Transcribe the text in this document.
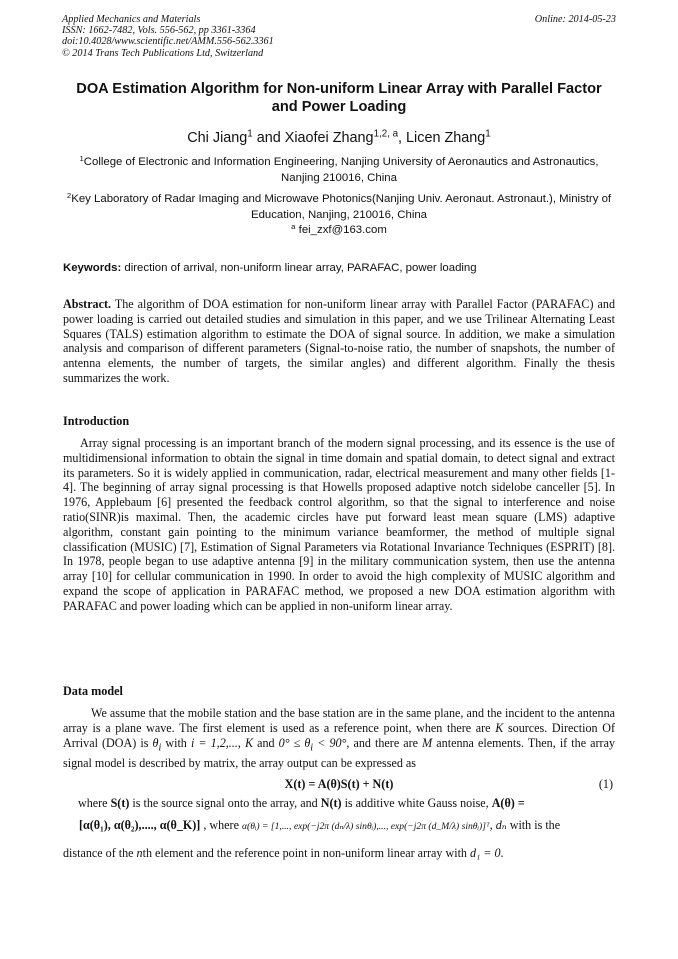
Applied Mechanics and Materials
ISSN: 1662-7482, Vols. 556-562, pp 3361-3364
doi:10.4028/www.scientific.net/AMM.556-562.3361
© 2014 Trans Tech Publications Ltd, Switzerland
Online: 2014-05-23
DOA Estimation Algorithm for Non-uniform Linear Array with Parallel Factor and Power Loading
Chi Jiang$^1$ and Xiaofei Zhang$^{1,2, a}$, Licen Zhang$^1$
$^1$College of Electronic and Information Engineering, Nanjing University of Aeronautics and Astronautics, Nanjing 210016, China
$^2$Key Laboratory of Radar Imaging and Microwave Photonics(Nanjing Univ. Aeronaut. Astronaut.), Ministry of Education, Nanjing, 210016, China
$^a$ fei_zxf@163.com
Keywords: direction of arrival, non-uniform linear array, PARAFAC, power loading
Abstract. The algorithm of DOA estimation for non-uniform linear array with Parallel Factor (PARAFAC) and power loading is carried out detailed studies and simulation in this paper, and we use Trilinear Alternating Least Squares (TALS) estimation algorithm to estimate the DOA of signal source. In addition, we make a simulation analysis and comparison of different parameters (Signal-to-noise ratio, the number of snapshots, the number of antenna elements, the number of targets, the similar angles) and different algorithm. Finally the thesis summarizes the work.
Introduction
Array signal processing is an important branch of the modern signal processing, and its essence is the use of multidimensional information to obtain the signal in time domain and spatial domain, to detect signal and extract its parameters. So it is widely applied in communication, radar, electrical measurement and many other fields [1-4]. The beginning of array signal processing is that Howells proposed adaptive notch sidelobe canceller [5]. In 1976, Applebaum [6] presented the feedback control algorithm, so that the signal to interference and noise ratio(SINR)is maximal. Then, the academic circles have put forward least mean square (LMS) adaptive algorithm, constant gain pointing to the minimum variance beamformer, the method of multiple signal classification (MUSIC) [7], Estimation of Signal Parameters via Rotational Invariance Techniques (ESPRIT) [8]. In 1978, people began to use adaptive antenna [9] in the military communication system, then use the antenna array [10] for cellular communication in 1990. In order to avoid the high complexity of MUSIC algorithm and expand the scope of application in PARAFAC method, we proposed a new DOA estimation algorithm with PARAFAC and power loading which can be applied in non-uniform linear array.
Data model
We assume that the mobile station and the base station are in the same plane, and the incident to the antenna array is a plane wave. The first element is used as a reference point, when there are K sources. Direction Of Arrival (DOA) is $\theta_i$ with i = 1,2,..., K and $0^\circ \le \theta_i < 90^\circ$, and there are M antenna elements. Then, if the array signal model is described by matrix, the array output can be expressed as
X(t) = A(θ)S(t) + N(t)	(1)
where S(t) is the source signal onto the array, and N(t) is additive white Gauss noise, A(θ) =
[α(θ₁), α(θ₂),...., α(θ_K)] , where α(θᵢ) = [1,..., exp(−j2π (dₙ/λ) sinθᵢ),..., exp(−j2π (d_M/λ) sinθᵢ)]ᵀ, dₙ with is the
distance of the nth element and the reference point in non-uniform linear array with d₁ = 0.
